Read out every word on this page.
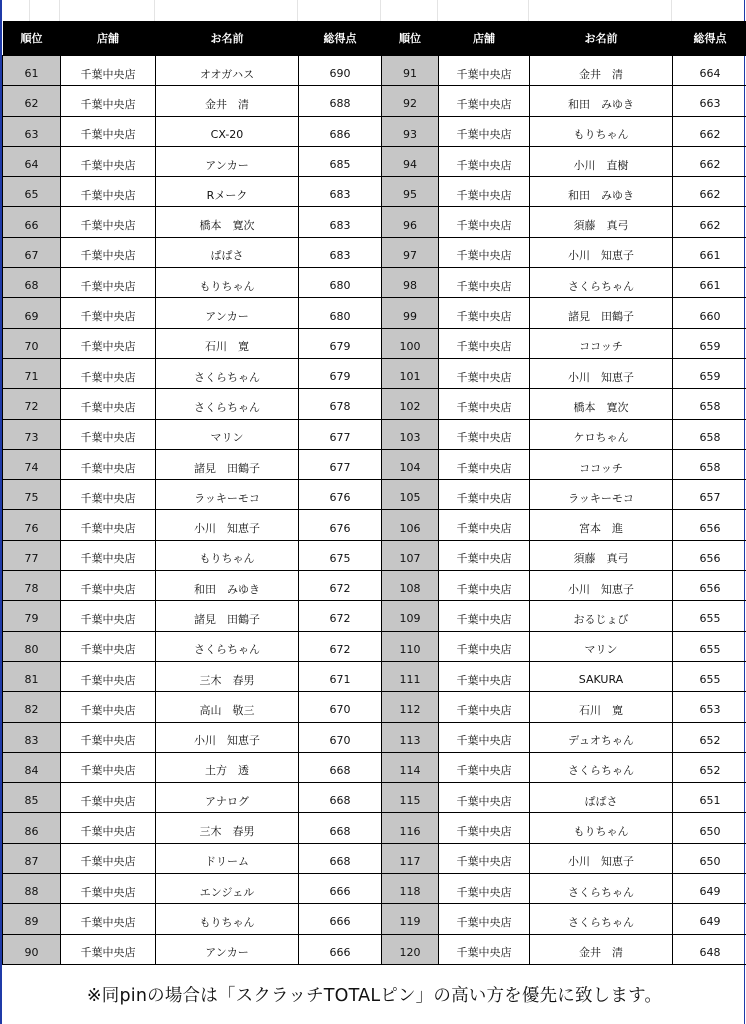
順位	店舗	お名前	総得点	順位	店舗	お名前	総得点
61	千葉中央店	オオガハス	690	91	千葉中央店	金井　清	664
62	千葉中央店	金井　清	688	92	千葉中央店	和田　みゆき	663
63	千葉中央店	CX-20	686	93	千葉中央店	もりちゃん	662
64	千葉中央店	アンカー	685	94	千葉中央店	小川　直樹	662
65	千葉中央店	Rメーク	683	95	千葉中央店	和田　みゆき	662
66	千葉中央店	橋本　寛次	683	96	千葉中央店	須藤　真弓	662
67	千葉中央店	ぱぱさ	683	97	千葉中央店	小川　知恵子	661
68	千葉中央店	もりちゃん	680	98	千葉中央店	さくらちゃん	661
69	千葉中央店	アンカー	680	99	千葉中央店	諸見　田鶴子	660
70	千葉中央店	石川　寛	679	100	千葉中央店	ココッチ	659
71	千葉中央店	さくらちゃん	679	101	千葉中央店	小川　知恵子	659
72	千葉中央店	さくらちゃん	678	102	千葉中央店	橋本　寛次	658
73	千葉中央店	マリン	677	103	千葉中央店	ケロちゃん	658
74	千葉中央店	諸見　田鶴子	677	104	千葉中央店	ココッチ	658
75	千葉中央店	ラッキーモコ	676	105	千葉中央店	ラッキーモコ	657
76	千葉中央店	小川　知恵子	676	106	千葉中央店	宮本　進	656
77	千葉中央店	もりちゃん	675	107	千葉中央店	須藤　真弓	656
78	千葉中央店	和田　みゆき	672	108	千葉中央店	小川　知恵子	656
79	千葉中央店	諸見　田鶴子	672	109	千葉中央店	おるじょび	655
80	千葉中央店	さくらちゃん	672	110	千葉中央店	マリン	655
81	千葉中央店	三木　春男	671	111	千葉中央店	SAKURA	655
82	千葉中央店	高山　敬三	670	112	千葉中央店	石川　寛	653
83	千葉中央店	小川　知恵子	670	113	千葉中央店	デュオちゃん	652
84	千葉中央店	土方　透	668	114	千葉中央店	さくらちゃん	652
85	千葉中央店	アナログ	668	115	千葉中央店	ぱぱさ	651
86	千葉中央店	三木　春男	668	116	千葉中央店	もりちゃん	650
87	千葉中央店	ドリーム	668	117	千葉中央店	小川　知恵子	650
88	千葉中央店	エンジェル	666	118	千葉中央店	さくらちゃん	649
89	千葉中央店	もりちゃん	666	119	千葉中央店	さくらちゃん	649
90	千葉中央店	アンカー	666	120	千葉中央店	金井　清	648
※同pinの場合は「スクラッチTOTALピン」の高い方を優先に致します。
